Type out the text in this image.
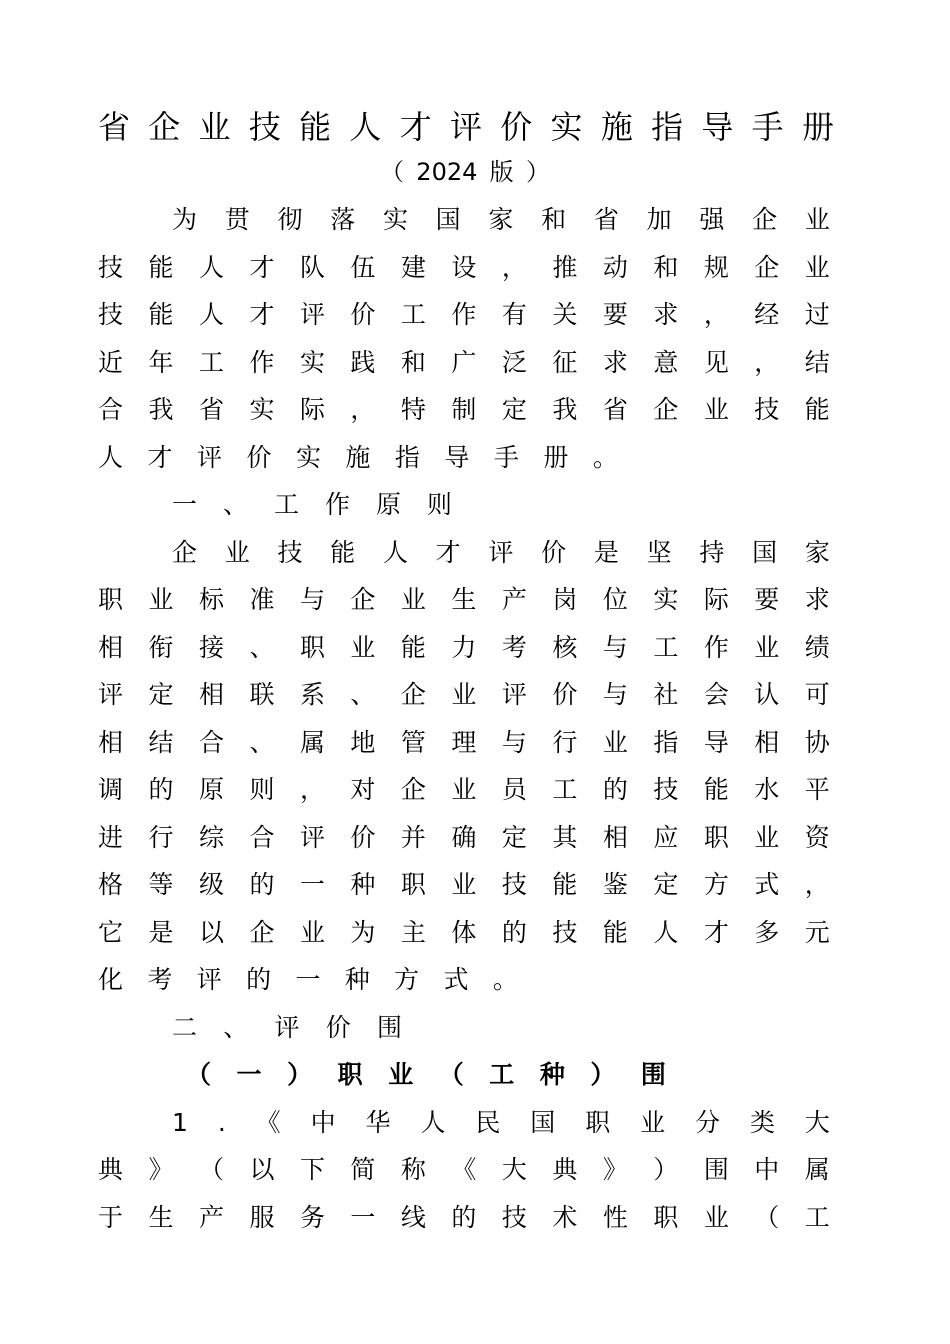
省 企 业 技 能 人 才 评 价 实 施 指 导 手 册
（ 2024 版 ）
为 贯 彻 落 实 国 家 和 省 加 强 企 业
技 能 人 才 队 伍 建 设 ， 推 动 和 规 企 业
技 能 人 才 评 价 工 作 有 关 要 求 ， 经 过
近 年 工 作 实 践 和 广 泛 征 求 意 见 ， 结
合 我 省 实 际 ， 特 制 定 我 省 企 业 技 能
人 才 评 价 实 施 指 导 手 册 。
一 、 工 作 原 则
企 业 技 能 人 才 评 价 是 坚 持 国 家
职 业 标 准 与 企 业 生 产 岗 位 实 际 要 求
相 衔 接 、 职 业 能 力 考 核 与 工 作 业 绩
评 定 相 联 系 、 企 业 评 价 与 社 会 认 可
相 结 合 、 属 地 管 理 与 行 业 指 导 相 协
调 的 原 则 ， 对 企 业 员 工 的 技 能 水 平
进 行 综 合 评 价 并 确 定 其 相 应 职 业 资
格 等 级 的 一 种 职 业 技 能 鉴 定 方 式 ，
它 是 以 企 业 为 主 体 的 技 能 人 才 多 元
化 考 评 的 一 种 方 式 。
二 、 评 价 围
（ 一 ） 职 业 （ 工 种 ） 围
1 . 《 中 华 人 民 国 职 业 分 类 大
典 》 （ 以 下 简 称 《 大 典 》 ） 围 中 属
于 生 产 服 务 一 线 的 技 术 性 职 业 （ 工
